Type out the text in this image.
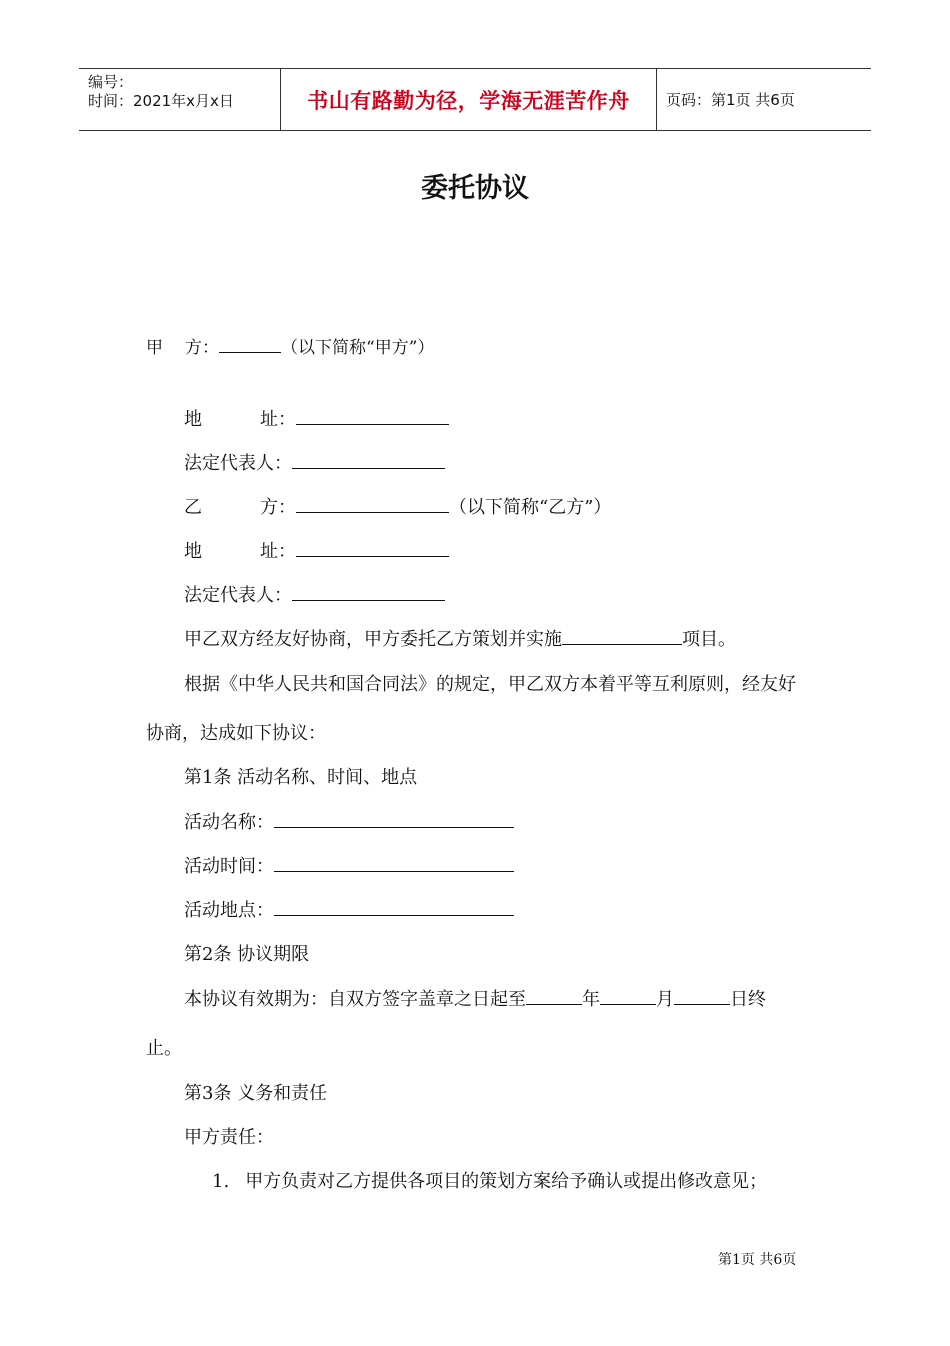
编号：
时间：2021年x月x日	书山有路勤为径，学海无涯苦作舟 页码：第1页 共6页
委托协议
甲 方：	（以下简称“甲方”）
地	址：
法定代表人：
乙	方：	（以下简称“乙方”）
地	址：
法定代表人：
甲乙双方经友好协商，甲方委托乙方策划并实施	项目。
根据《中华人民共和国合同法》的规定，甲乙双方本着平等互利原则，经友好
协商，达成如下协议：
第1条 活动名称、时间、地点
活动名称：
活动时间：
活动地点：
第2条 协议期限
本协议有效期为：自双方签字盖章之日起至	年	月	日终
止。
第3条 义务和责任
甲方责任：
1. 甲方负责对乙方提供各项目的策划方案给予确认或提出修改意见；
第1页 共6页
